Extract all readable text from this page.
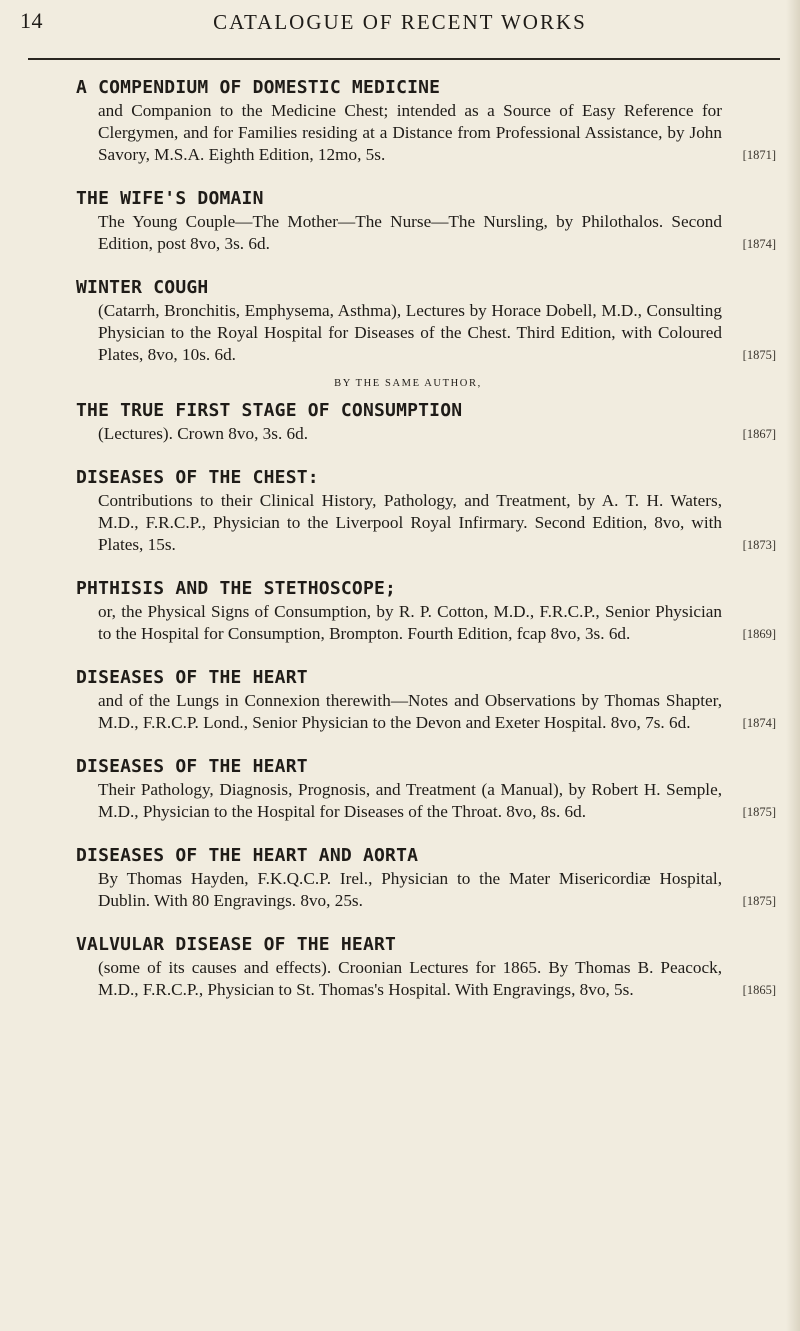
14	CATALOGUE OF RECENT WORKS
A COMPENDIUM OF DOMESTIC MEDICINE
and Companion to the Medicine Chest; intended as a Source of Easy Reference for Clergymen, and for Families residing at a Distance from Professional Assistance, by John Savory, M.S.A. Eighth Edition, 12mo, 5s.	[1871]
THE WIFE'S DOMAIN
The Young Couple—The Mother—The Nurse—The Nursling, by Philothalos. Second Edition, post 8vo, 3s. 6d.	[1874]
WINTER COUGH
(Catarrh, Bronchitis, Emphysema, Asthma), Lectures by Horace Dobell, M.D., Consulting Physician to the Royal Hospital for Diseases of the Chest. Third Edition, with Coloured Plates, 8vo, 10s. 6d.	[1875]
BY THE SAME AUTHOR,
THE TRUE FIRST STAGE OF CONSUMPTION
(Lectures). Crown 8vo, 3s. 6d.	[1867]
DISEASES OF THE CHEST:
Contributions to their Clinical History, Pathology, and Treatment, by A. T. H. Waters, M.D., F.R.C.P., Physician to the Liverpool Royal Infirmary. Second Edition, 8vo, with Plates, 15s.	[1873]
PHTHISIS AND THE STETHOSCOPE;
or, the Physical Signs of Consumption, by R. P. Cotton, M.D., F.R.C.P., Senior Physician to the Hospital for Consumption, Brompton. Fourth Edition, fcap 8vo, 3s. 6d.	[1869]
DISEASES OF THE HEART
and of the Lungs in Connexion therewith—Notes and Observations by Thomas Shapter, M.D., F.R.C.P. Lond., Senior Physician to the Devon and Exeter Hospital. 8vo, 7s. 6d.	[1874]
DISEASES OF THE HEART
Their Pathology, Diagnosis, Prognosis, and Treatment (a Manual), by Robert H. Semple, M.D., Physician to the Hospital for Diseases of the Throat. 8vo, 8s. 6d.	[1875]
DISEASES OF THE HEART AND AORTA
By Thomas Hayden, F.K.Q.C.P. Irel., Physician to the Mater Misericordiæ Hospital, Dublin. With 80 Engravings. 8vo, 25s.	[1875]
VALVULAR DISEASE OF THE HEART
(some of its causes and effects). Croonian Lectures for 1865. By Thomas B. Peacock, M.D., F.R.C.P., Physician to St. Thomas's Hospital. With Engravings, 8vo, 5s.	[1865]
